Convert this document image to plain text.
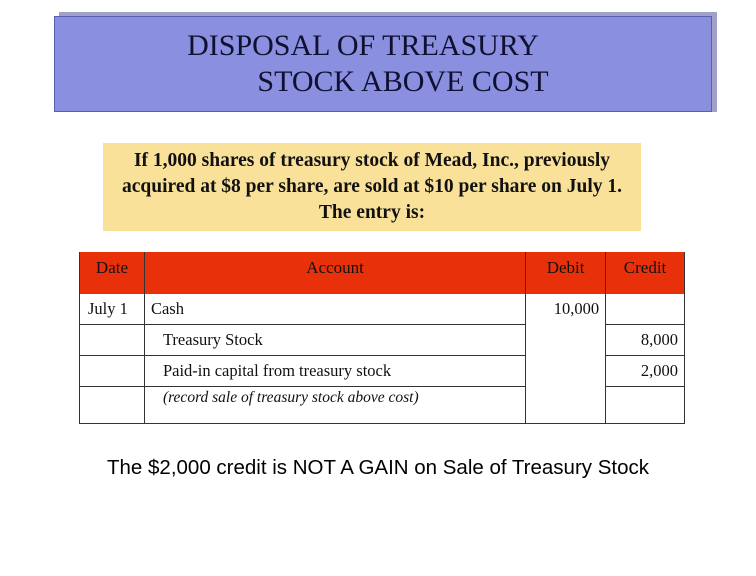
DISPOSAL OF TREASURY
STOCK ABOVE COST
If 1,000 shares of treasury stock of Mead, Inc., previously acquired at $8 per share, are sold at $10 per share on July 1. The entry is:
Date	Account	Debit	Credit
July 1	Cash	10,000	
	Treasury Stock		8,000
	Paid-in capital from treasury stock		2,000
	(record sale of treasury stock above cost)		
The $2,000 credit is NOT A GAIN on Sale of Treasury Stock
